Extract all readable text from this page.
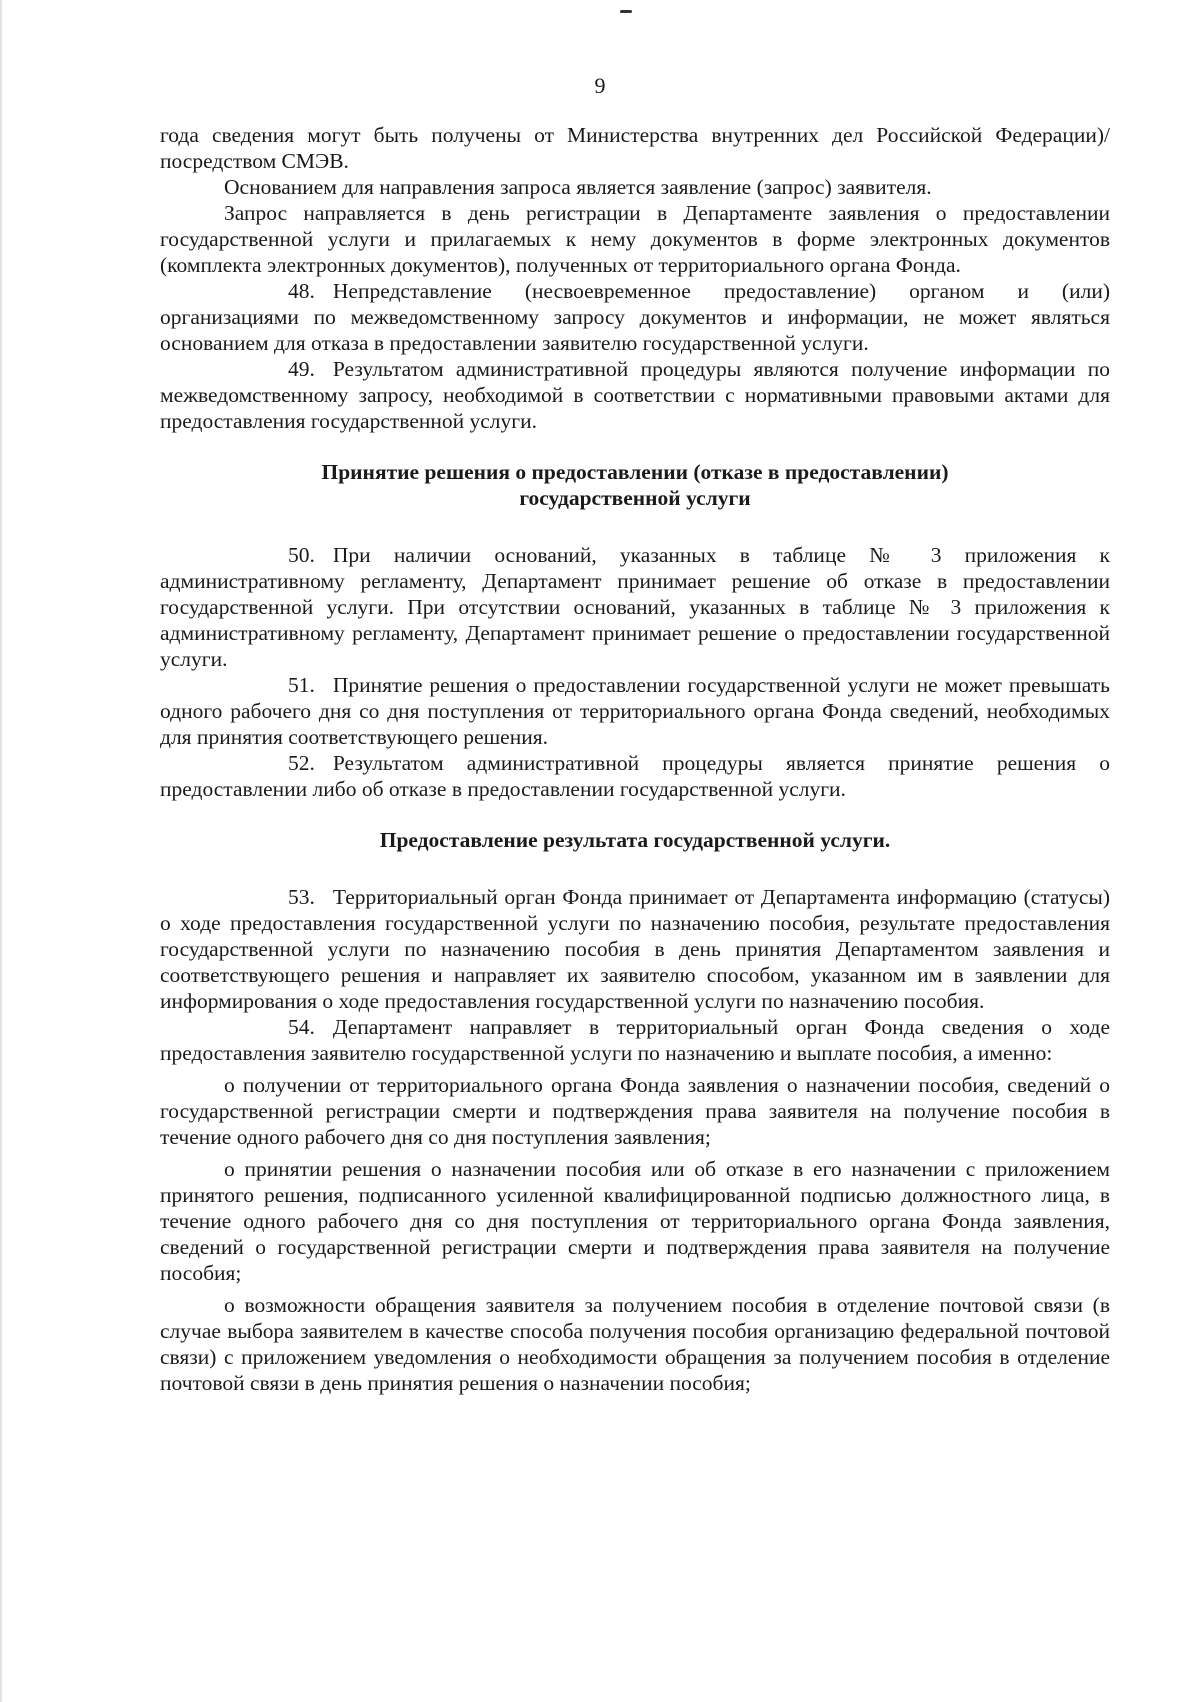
9

года сведения могут быть получены от Министерства внутренних дел Российской Федерации)/посредством СМЭВ.

Основанием для направления запроса является заявление (запрос) заявителя.

Запрос направляется в день регистрации в Департаменте заявления о предоставлении государственной услуги и прилагаемых к нему документов в форме электронных документов (комплекта электронных документов), полученных от территориального органа Фонда.

48. Непредставление (несвоевременное предоставление) органом и (или) организациями по межведомственному запросу документов и информации, не может являться основанием для отказа в предоставлении заявителю государственной услуги.

49. Результатом административной процедуры являются получение информации по межведомственному запросу, необходимой в соответствии с нормативными правовыми актами для предоставления государственной услуги.

Принятие решения о предоставлении (отказе в предоставлении)
государственной услуги

50. При наличии оснований, указанных в таблице № 3 приложения к административному регламенту, Департамент принимает решение об отказе в предоставлении государственной услуги. При отсутствии оснований, указанных в таблице № 3 приложения к административному регламенту, Департамент принимает решение о предоставлении государственной услуги.

51. Принятие решения о предоставлении государственной услуги не может превышать одного рабочего дня со дня поступления от территориального органа Фонда сведений, необходимых для принятия соответствующего решения.

52. Результатом административной процедуры является принятие решения о предоставлении либо об отказе в предоставлении государственной услуги.

Предоставление результата государственной услуги.

53. Территориальный орган Фонда принимает от Департамента информацию (статусы) о ходе предоставления государственной услуги по назначению пособия, результате предоставления государственной услуги по назначению пособия в день принятия Департаментом заявления и соответствующего решения и направляет их заявителю способом, указанном им в заявлении для информирования о ходе предоставления государственной услуги по назначению пособия.

54. Департамент направляет в территориальный орган Фонда сведения о ходе предоставления заявителю государственной услуги по назначению и выплате пособия, а именно:

о получении от территориального органа Фонда заявления о назначении пособия, сведений о государственной регистрации смерти и подтверждения права заявителя на получение пособия в течение одного рабочего дня со дня поступления заявления;

о принятии решения о назначении пособия или об отказе в его назначении с приложением принятого решения, подписанного усиленной квалифицированной подписью должностного лица, в течение одного рабочего дня со дня поступления от территориального органа Фонда заявления, сведений о государственной регистрации смерти и подтверждения права заявителя на получение пособия;

о возможности обращения заявителя за получением пособия в отделение почтовой связи (в случае выбора заявителем в качестве способа получения пособия организацию федеральной почтовой связи) с приложением уведомления о необходимости обращения за получением пособия в отделение почтовой связи в день принятия решения о назначении пособия;
